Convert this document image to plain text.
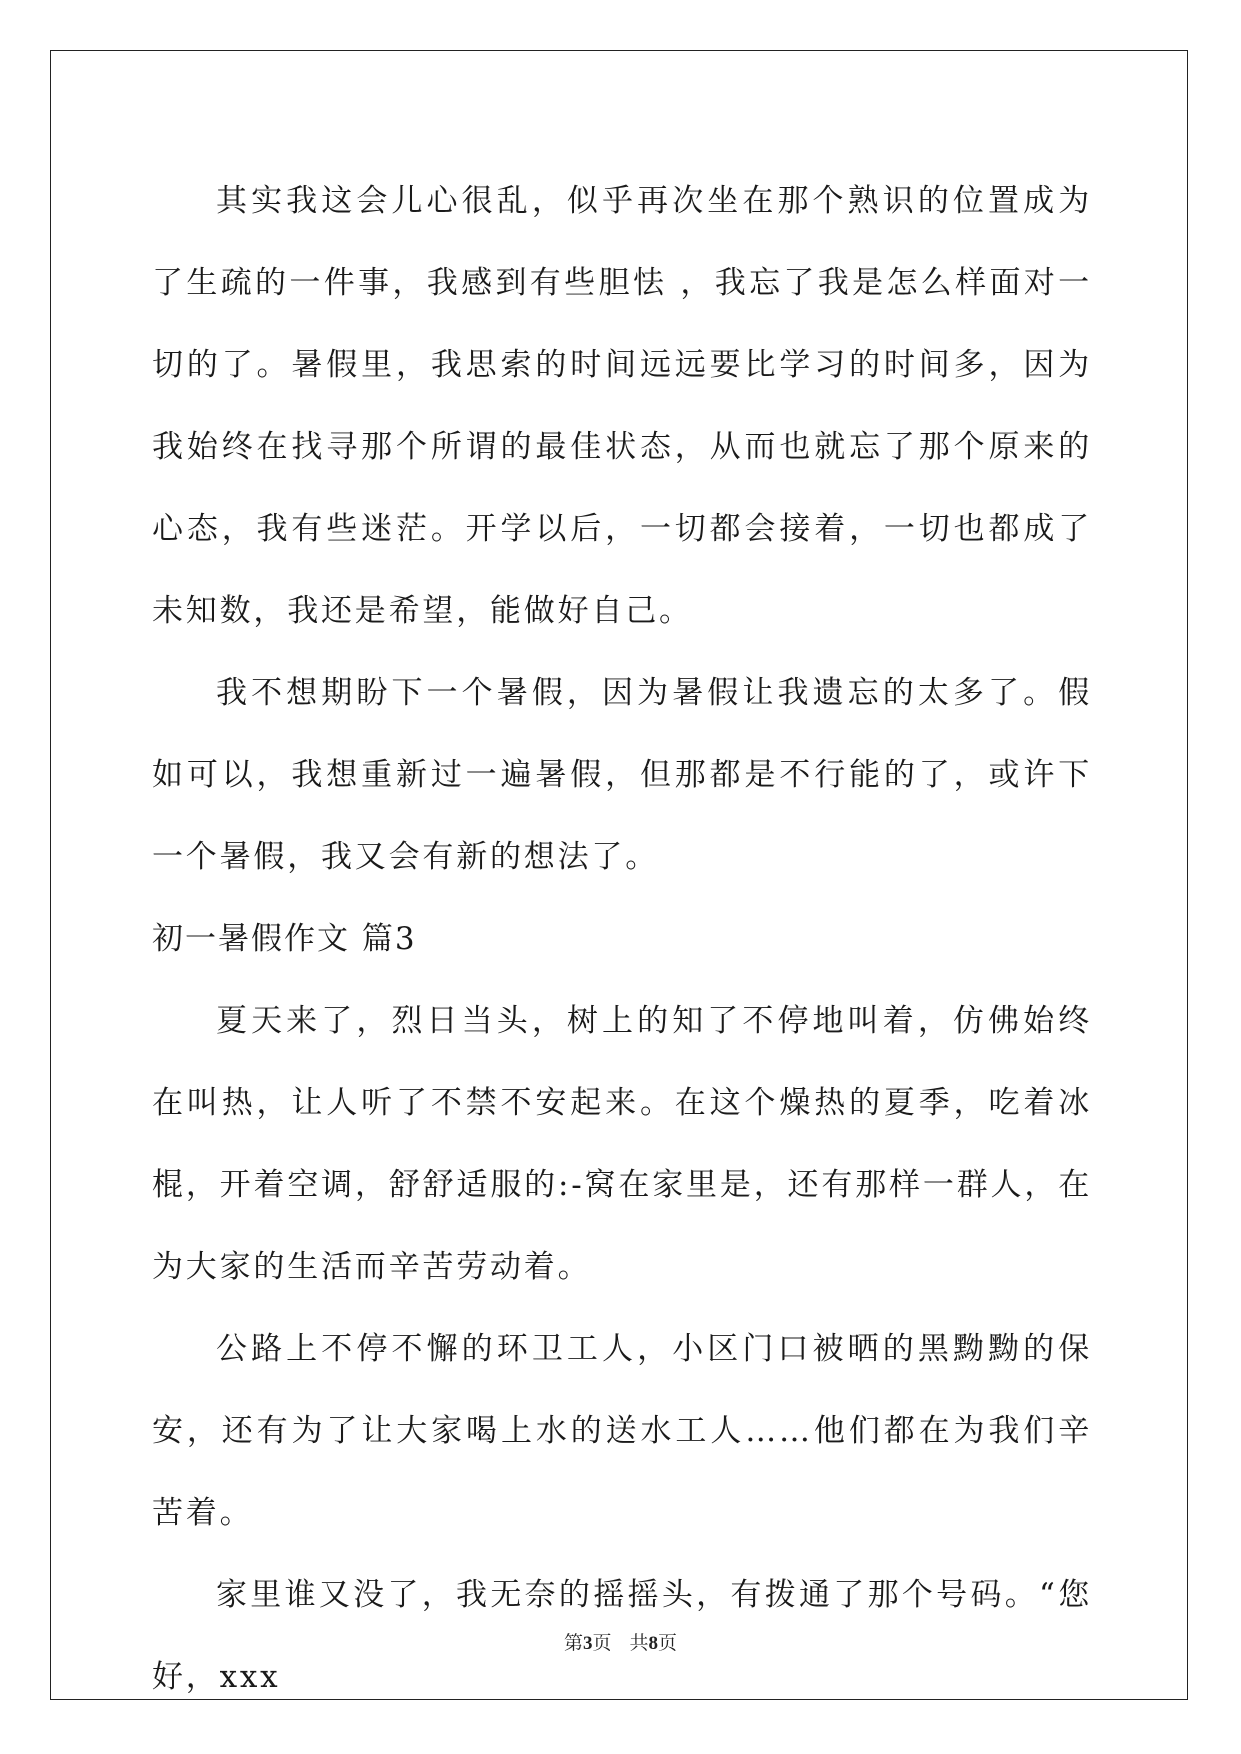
其实我这会儿心很乱，似乎再次坐在那个熟识的位置成为了生疏的一件事，我感到有些胆怯 ，我忘了我是怎么样面对一切的了。暑假里，我思索的时间远远要比学习的时间多，因为我始终在找寻那个所谓的最佳状态，从而也就忘了那个原来的心态，我有些迷茫。开学以后，一切都会接着，一切也都成了未知数，我还是希望，能做好自己。

我不想期盼下一个暑假，因为暑假让我遗忘的太多了。假如可以，我想重新过一遍暑假，但那都是不行能的了，或许下一个暑假，我又会有新的想法了。

初一暑假作文 篇3

夏天来了，烈日当头，树上的知了不停地叫着，仿佛始终在叫热，让人听了不禁不安起来。在这个燥热的夏季，吃着冰棍，开着空调，舒舒适服的:-窝在家里是，还有那样一群人，在为大家的生活而辛苦劳动着。

公路上不停不懈的环卫工人，小区门口被晒的黑黝黝的保安，还有为了让大家喝上水的送水工人……他们都在为我们辛苦着。

家里谁又没了，我无奈的摇摇头，有拨通了那个号码。“您好，xxx

第3页 共8页
